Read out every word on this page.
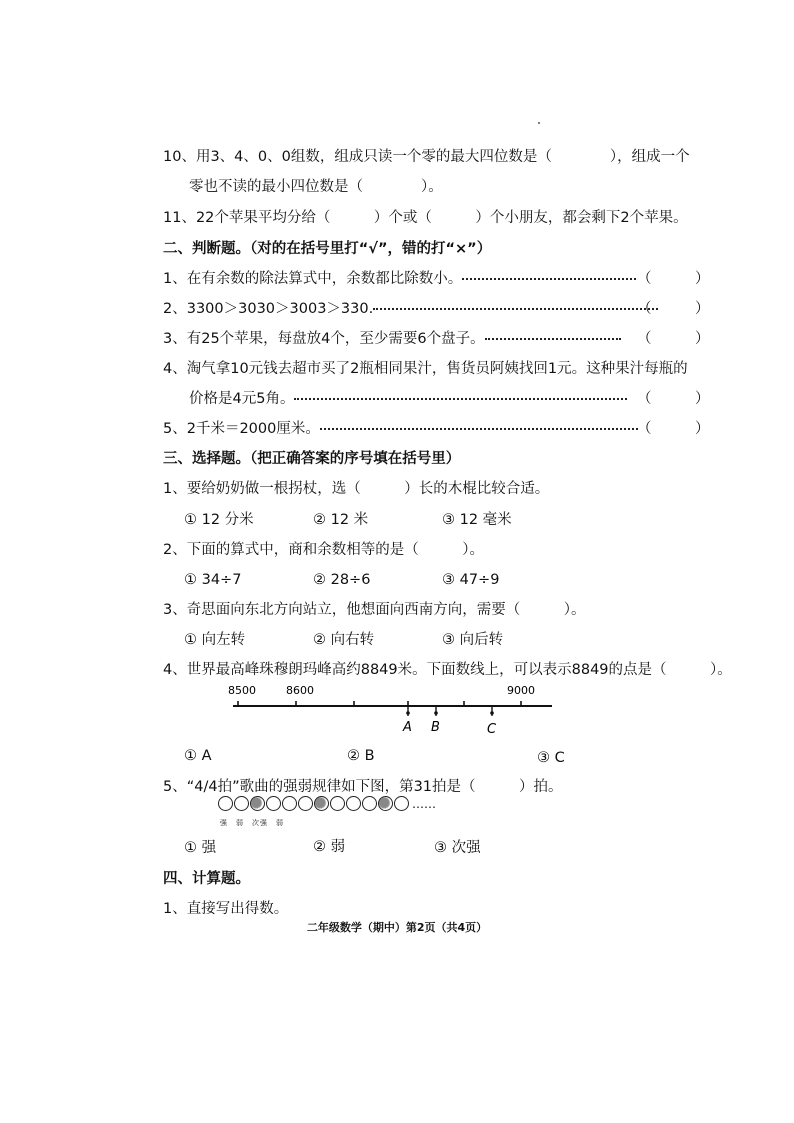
10、用3、4、0、0组数，组成只读一个零的最大四位数是（　　　　），组成一个
零也不读的最小四位数是（　　　　）。
11、22个苹果平均分给（　　　）个或（　　　）个小朋友，都会剩下2个苹果。
二、判断题。（对的在括号里打“√”，错的打“×”）
1、在有余数的除法算式中，余数都比除数小。	（　　　）
2、3300＞3030＞3003＞330.	（　　　）
3、有25个苹果，每盘放4个，至少需要6个盘子。	（　　　）
4、淘气拿10元钱去超市买了2瓶相同果汁，售货员阿姨找回1元。这种果汁每瓶的
价格是4元5角。	（　　　）
5、2千米＝2000厘米。	（　　　）
三、选择题。（把正确答案的序号填在括号里）
1、要给奶奶做一根拐杖，选（　　　）长的木棍比较合适。
① 12 分米	② 12 米	③ 12 毫米
2、下面的算式中，商和余数相等的是（　　　）。
① 34÷7	② 28÷6	③ 47÷9
3、奇思面向东北方向站立，他想面向西南方向，需要（　　　）。
① 向左转	② 向右转	③ 向后转
4、世界最高峰珠穆朗玛峰高约8849米。下面数线上，可以表示8849的点是（　　　）。
8500	8600	9000
A B	C
① A	② B	③ C
5、“4/4拍”歌曲的强弱规律如下图，第31拍是（　　　）拍。
……
强　弱　次强　弱
① 强	② 弱	③ 次强
四、计算题。
1、直接写出得数。
二年级数学（期中）第2页（共4页）
